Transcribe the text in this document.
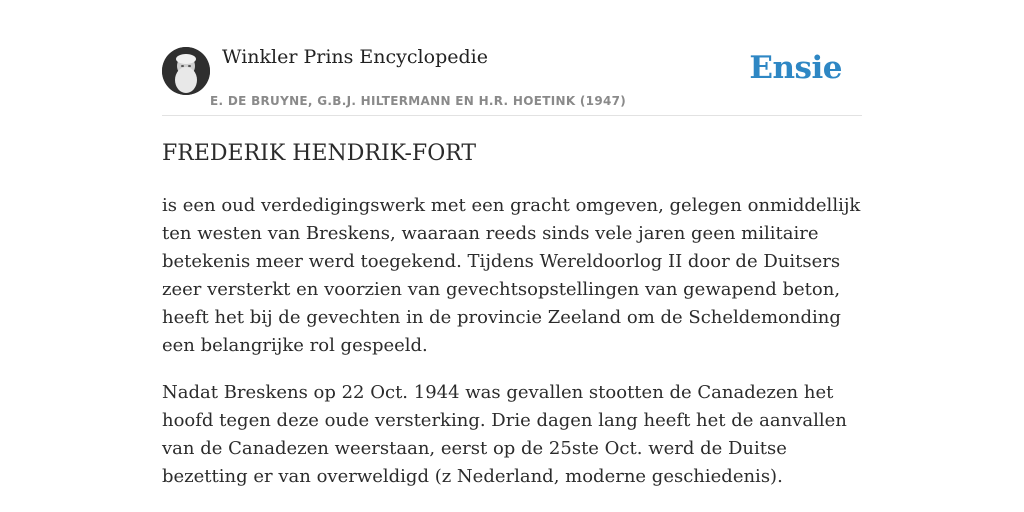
Winkler Prins Encyclopedie
E. DE BRUYNE, G.B.J. HILTERMANN EN H.R. HOETINK (1947)
Ensie
FREDERIK HENDRIK-FORT

is een oud verdedigingswerk met een gracht omgeven, gelegen onmiddellijk ten westen van Breskens, waaraan reeds sinds vele jaren geen militaire betekenis meer werd toegekend. Tijdens Wereldoorlog II door de Duitsers zeer versterkt en voorzien van gevechtsopstellingen van gewapend beton, heeft het bij de gevechten in de provincie Zeeland om de Scheldemonding een belangrijke rol gespeeld.

Nadat Breskens op 22 Oct. 1944 was gevallen stootten de Canadezen het hoofd tegen deze oude versterking. Drie dagen lang heeft het de aanvallen van de Canadezen weerstaan, eerst op de 25ste Oct. werd de Duitse bezetting er van overweldigd (z Nederland, moderne geschiedenis).
